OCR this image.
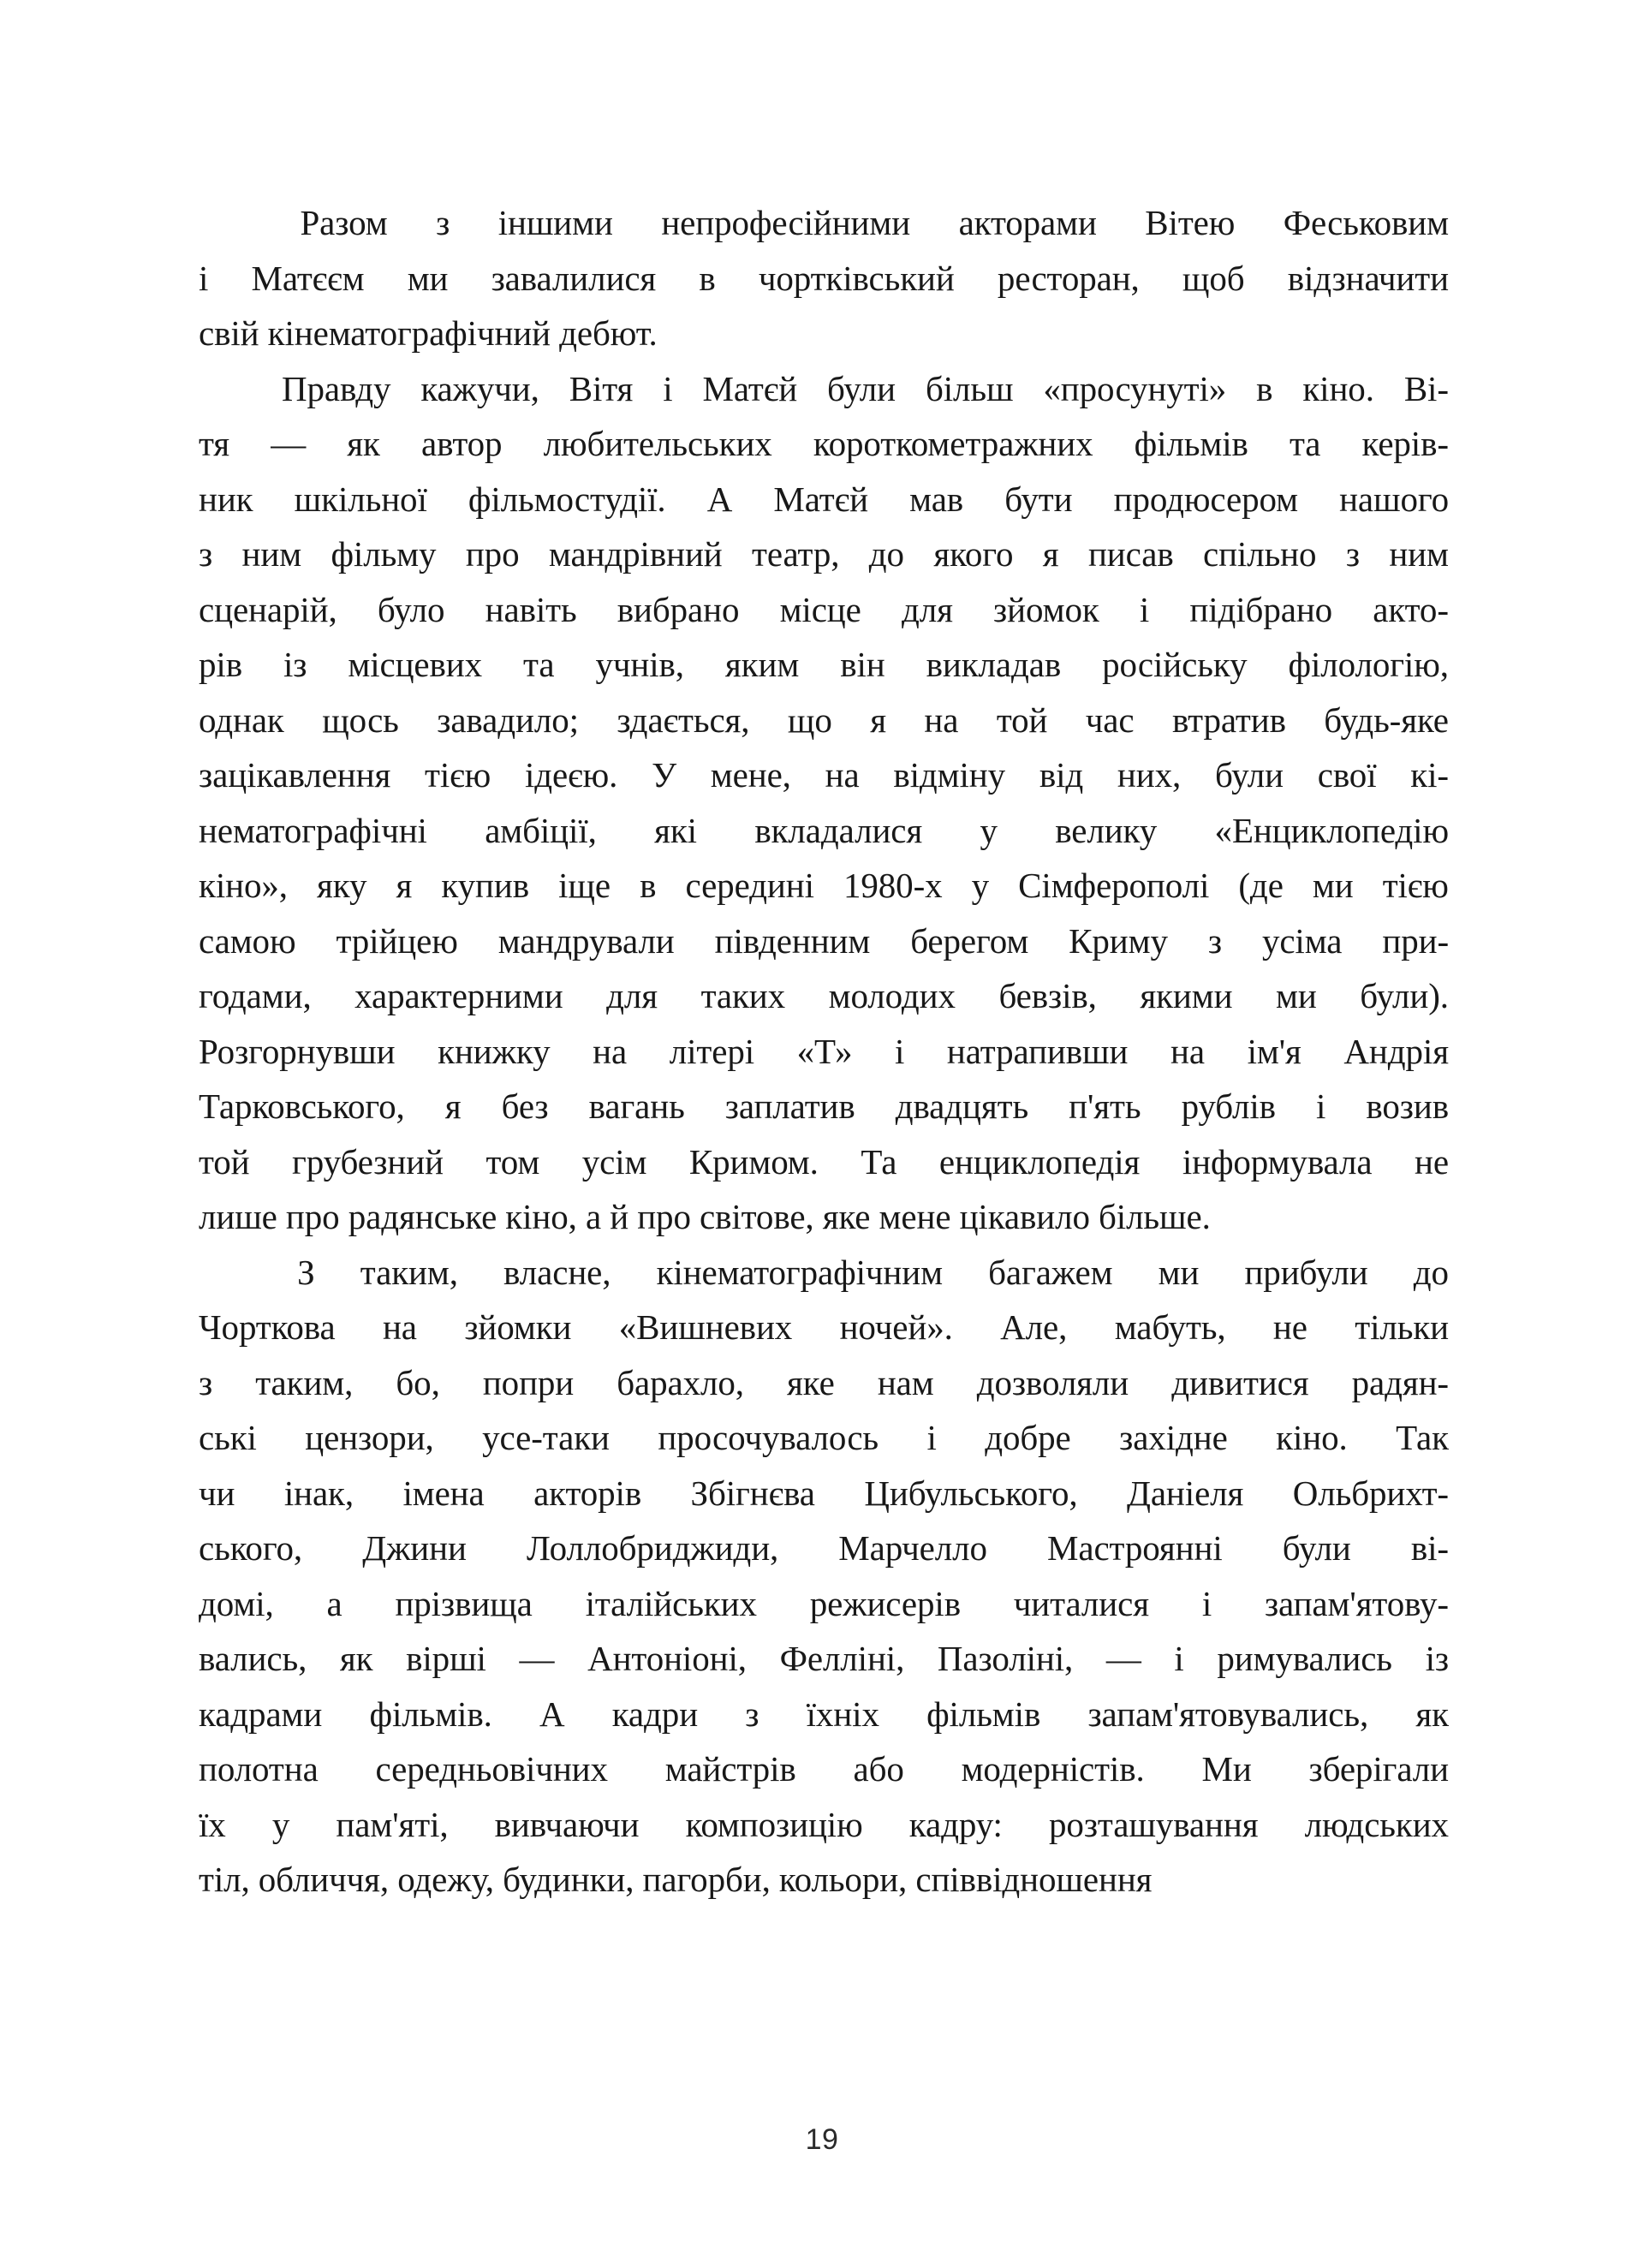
Разом з іншими непрофесійними акторами Вітею Феськовим
і Матєєм ми завалилися в чортківський ресторан, щоб відзначити
свій кінематографічний дебют.

Правду кажучи, Вітя і Матєй були більш «просунуті» в кіно. Ві-
тя — як автор любительських короткометражних фільмів та керів-
ник шкільної фільмостудії. А Матєй мав бути продюсером нашого
з ним фільму про мандрівний театр, до якого я писав спільно з ним
сценарій, було навіть вибрано місце для зйомок і підібрано акто-
рів із місцевих та учнів, яким він викладав російську філологію,
однак щось завадило; здається, що я на той час втратив будь-яке
зацікавлення тією ідеєю. У мене, на відміну від них, були свої кі-
нематографічні амбіції, які вкладалися у велику «Енциклопедію
кіно», яку я купив іще в середині 1980-х у Сімферополі (де ми тією
самою трійцею мандрували південним берегом Криму з усіма при-
годами, характерними для таких молодих бевзів, якими ми були).
Розгорнувши книжку на літері «Т» і натрапивши на ім'я Андрія
Тарковського, я без вагань заплатив двадцять п'ять рублів і возив
той грубезний том усім Кримом. Та енциклопедія інформувала не
лише про радянське кіно, а й про світове, яке мене цікавило більше.

З таким, власне, кінематографічним багажем ми прибули до
Чорткова на зйомки «Вишневих ночей». Але, мабуть, не тільки
з таким, бо, попри барахло, яке нам дозволяли дивитися радян-
ські цензори, усе-таки просочувалось і добре західне кіно. Так
чи інак, імена акторів Збігнєва Цибульського, Даніеля Ольбрихт-
ського, Джини Лоллобриджиди, Марчелло Мастроянні були ві-
домі, а прізвища італійських режисерів читалися і запам'ятову-
вались, як вірші — Антоніоні, Фелліні, Пазоліні, — і римувались із
кадрами фільмів. А кадри з їхніх фільмів запам'ятовувались, як
полотна середньовічних майстрів або модерністів. Ми зберігали
їх у пам'яті, вивчаючи композицію кадру: розташування людських
тіл, обличчя, одежу, будинки, пагорби, кольори, співвідношення

19
